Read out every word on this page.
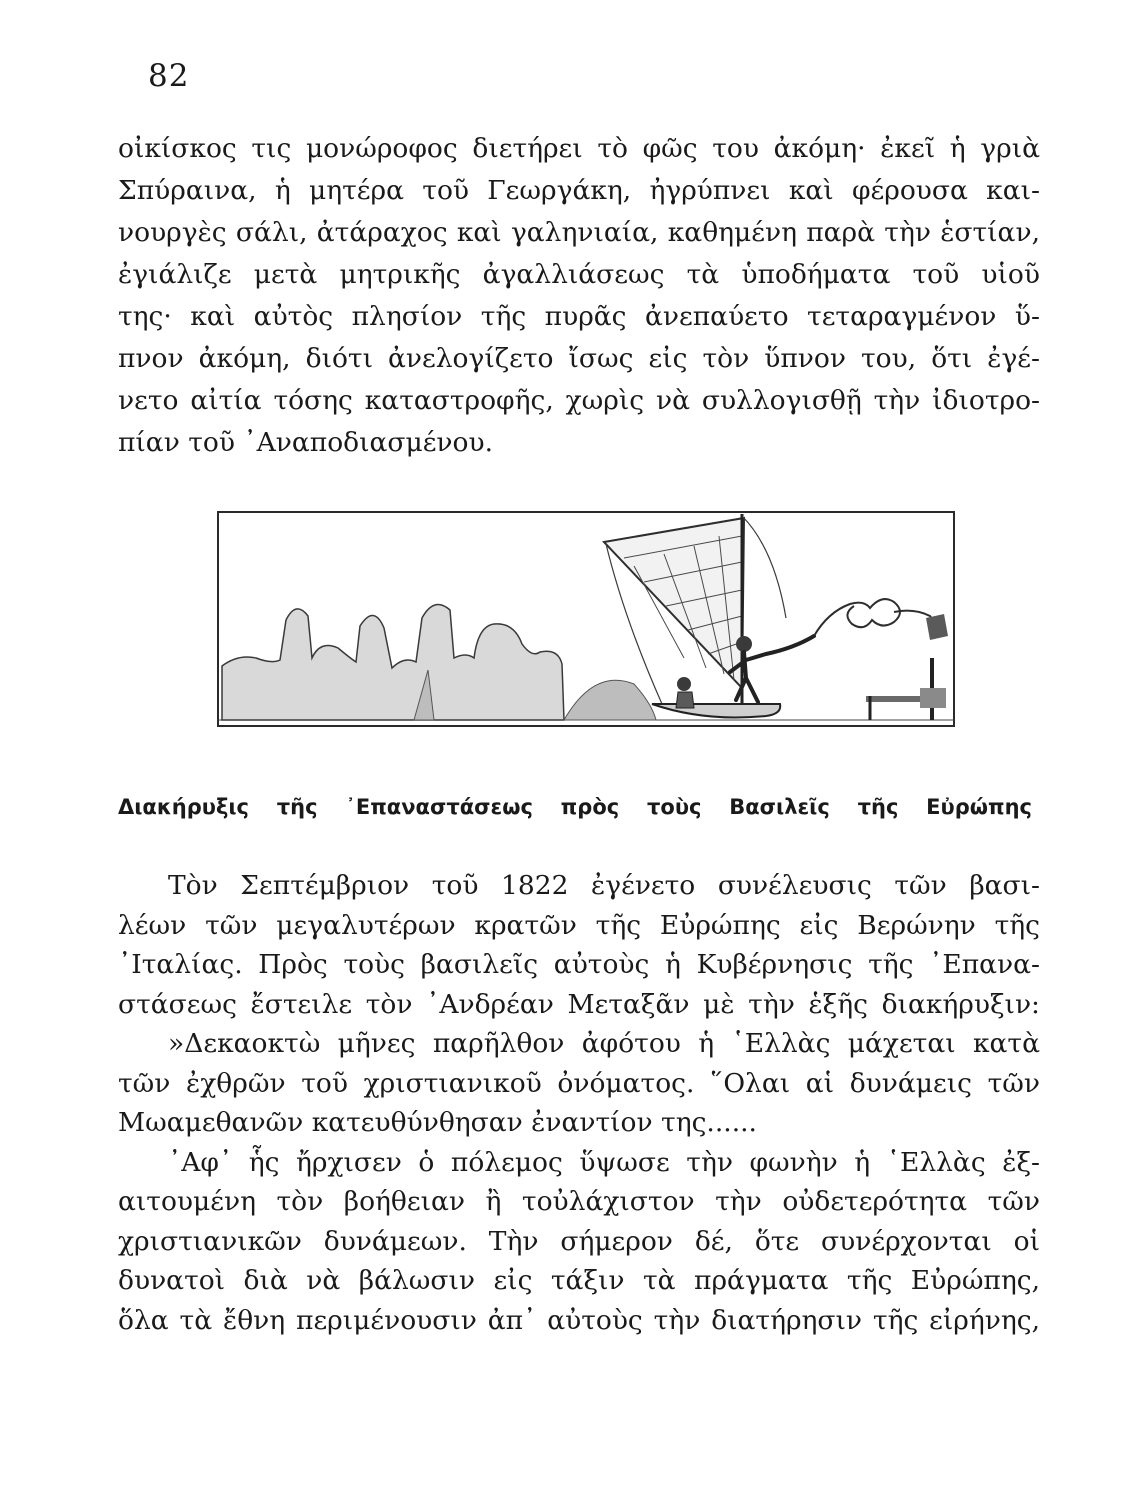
82
οἰκίσκος τις μονώροφος διετήρει τὸ φῶς του ἀκόμη· ἐκεῖ ἡ γριὰ
Σπύραινα, ἡ μητέρα τοῦ Γεωργάκη, ἠγρύπνει καὶ φέρουσα και-
νουργὲς σάλι, ἀτάραχος καὶ γαληνιαία, καθημένη παρὰ τὴν ἑστίαν,
ἐγιάλιζε μετὰ μητρικῆς ἀγαλλιάσεως τὰ ὑποδήματα τοῦ υἱοῦ
της· καὶ αὐτὸς πλησίον τῆς πυρᾶς ἀνεπαύετο τεταραγμένον ὕ-
πνον ἀκόμη, διότι ἀνελογίζετο ἴσως εἰς τὸν ὕπνον του, ὅτι ἐγέ-
νετο αἰτία τόσης καταστροφῆς, χωρὶς νὰ συλλογισθῇ τὴν ἰδιοτρο-
πίαν τοῦ ᾿Αναποδιασμένου.
Διακήρυξις τῆς ᾿Επαναστάσεως πρὸς τοὺς Βασιλεῖς τῆς Εὐρώπης
Τὸν Σεπτέμβριον τοῦ 1822 ἐγένετο συνέλευσις τῶν βασι-
λέων τῶν μεγαλυτέρων κρατῶν τῆς Εὐρώπης εἰς Βερώνην τῆς
᾿Ιταλίας. Πρὸς τοὺς βασιλεῖς αὐτοὺς ἡ Κυβέρνησις τῆς ᾿Επανα-
στάσεως ἔστειλε τὸν ᾿Ανδρέαν Μεταξᾶν μὲ τὴν ἑξῆς διακήρυξιν:
»Δεκαοκτὼ μῆνες παρῆλθον ἀφότου ἡ ῾Ελλὰς μάχεται κατὰ
τῶν ἐχθρῶν τοῦ χριστιανικοῦ ὀνόματος. ῞Ολαι αἱ δυνάμεις τῶν
Μωαμεθανῶν κατευθύνθησαν ἐναντίον της......
᾿Αφ᾿ ἧς ἤρχισεν ὁ πόλεμος ὕψωσε τὴν φωνὴν ἡ ῾Ελλὰς ἐξ-
αιτουμένη τὸν βοήθειαν ἢ τοὐλάχιστον τὴν οὐδετερότητα τῶν
χριστιανικῶν δυνάμεων. Τὴν σήμερον δέ, ὅτε συνέρχονται οἱ
δυνατοὶ διὰ νὰ βάλωσιν εἰς τάξιν τὰ πράγματα τῆς Εὐρώπης,
ὅλα τὰ ἔθνη περιμένουσιν ἀπ᾿ αὐτοὺς τὴν διατήρησιν τῆς εἰρήνης,
